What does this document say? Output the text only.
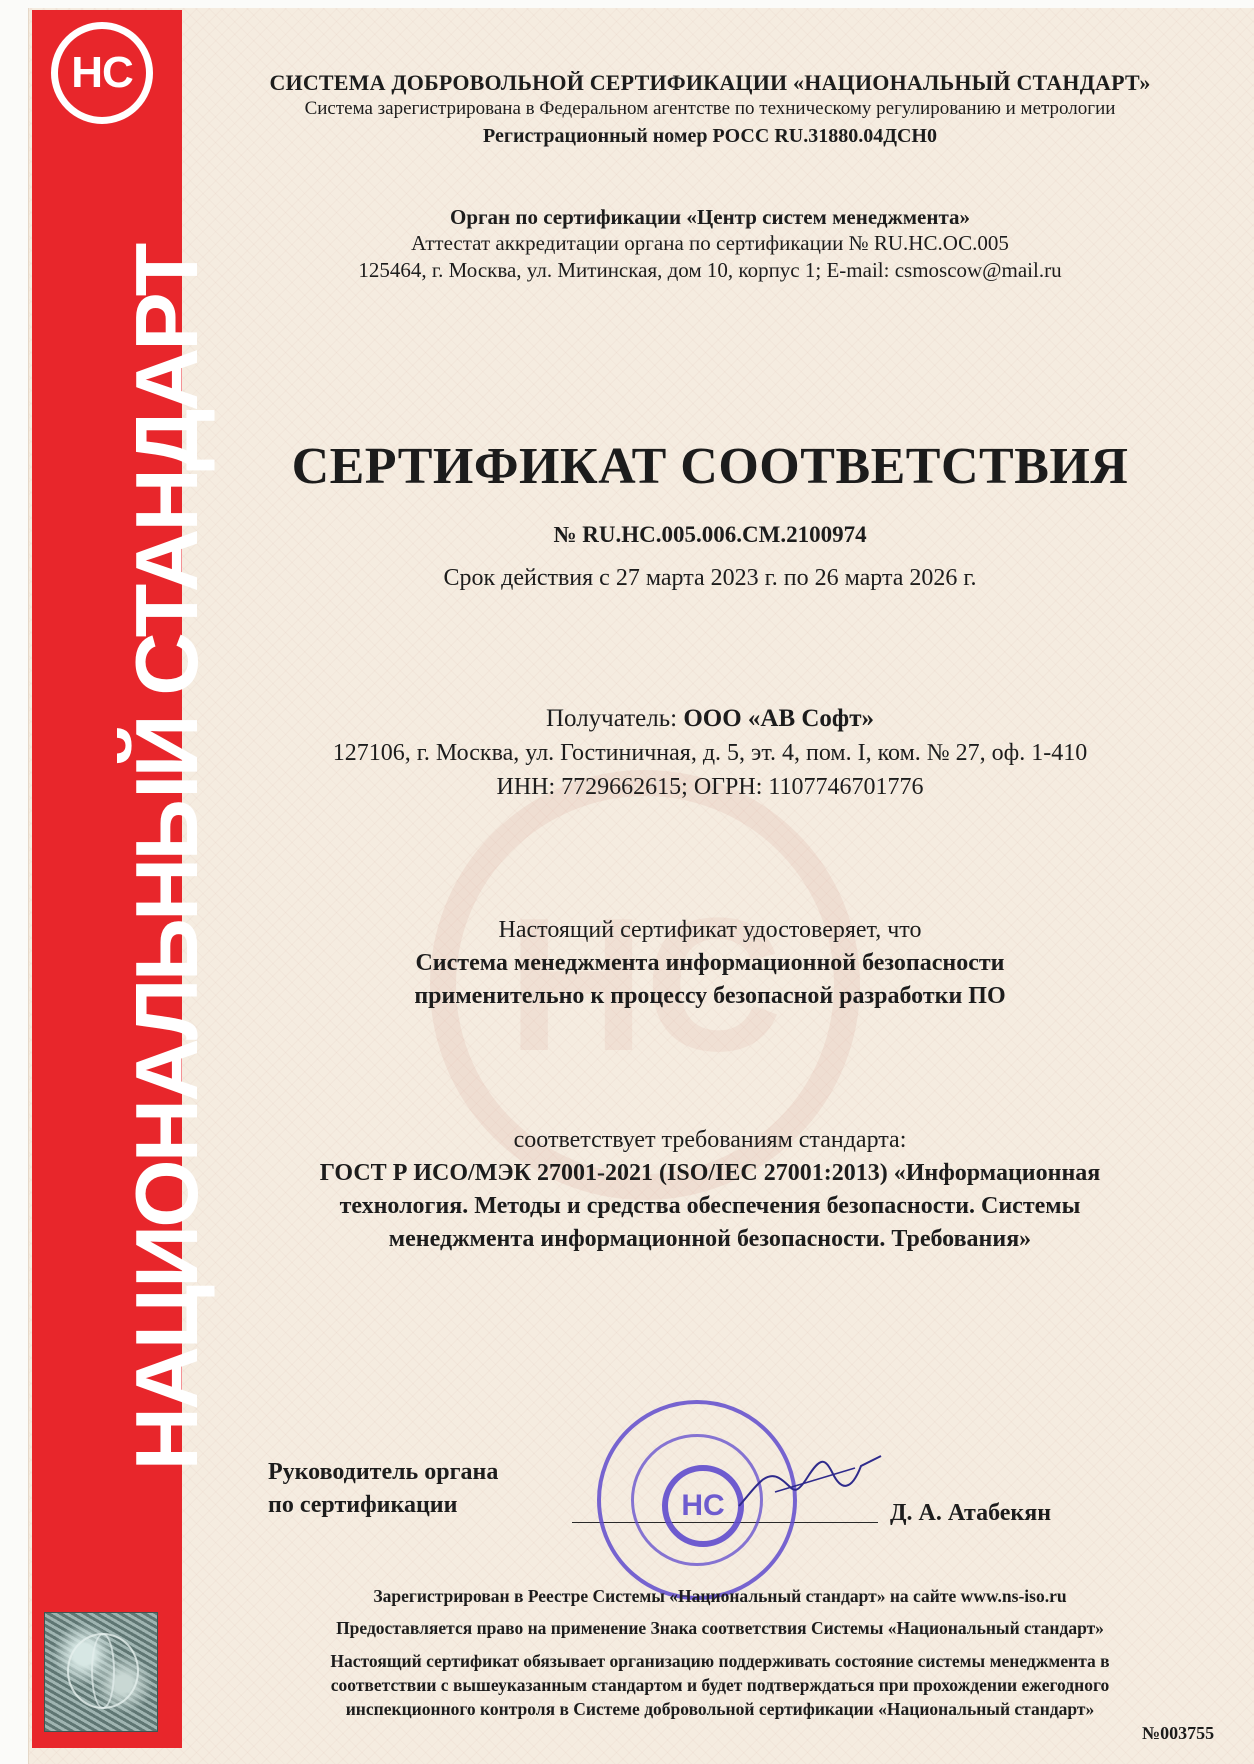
НС
НАЦИОНАЛЬНЫЙ СТАНДАРТ
НС
СИСТЕМА ДОБРОВОЛЬНОЙ СЕРТИФИКАЦИИ «НАЦИОНАЛЬНЫЙ СТАНДАРТ»
Система зарегистрирована в Федеральном агентстве по техническому регулированию и метрологии
Регистрационный номер РОСС RU.31880.04ДСН0
Орган по сертификации «Центр систем менеджмента»
Аттестат аккредитации органа по сертификации № RU.НС.ОС.005
125464, г. Москва, ул. Митинская, дом 10, корпус 1; E-mail: csmoscow@mail.ru
СЕРТИФИКАТ СООТВЕТСТВИЯ
№ RU.НС.005.006.СМ.2100974
Срок действия с 27 марта 2023 г. по 26 марта 2026 г.
Получатель: ООО «АВ Софт»
127106, г. Москва, ул. Гостиничная, д. 5, эт. 4, пом. I, ком. № 27, оф. 1-410
ИНН: 7729662615; ОГРН: 1107746701776
Настоящий сертификат удостоверяет, что
Система менеджмента информационной безопасности
применительно к процессу безопасной разработки ПО
соответствует требованиям стандарта:
ГОСТ Р ИСО/МЭК 27001-2021 (ISO/IEC 27001:2013) «Информационная
технология. Методы и средства обеспечения безопасности. Системы
менеджмента информационной безопасности. Требования»
Руководитель органа
по сертификации	Д. А. Атабекян
НС
Зарегистрирован в Реестре Системы «Национальный стандарт» на сайте www.ns-iso.ru
Предоставляется право на применение Знака соответствия Системы «Национальный стандарт»
Настоящий сертификат обязывает организацию поддерживать состояние системы менеджмента в
соответствии с вышеуказанным стандартом и будет подтверждаться при прохождении ежегодного
инспекционного контроля в Системе добровольной сертификации «Национальный стандарт»
№003755
